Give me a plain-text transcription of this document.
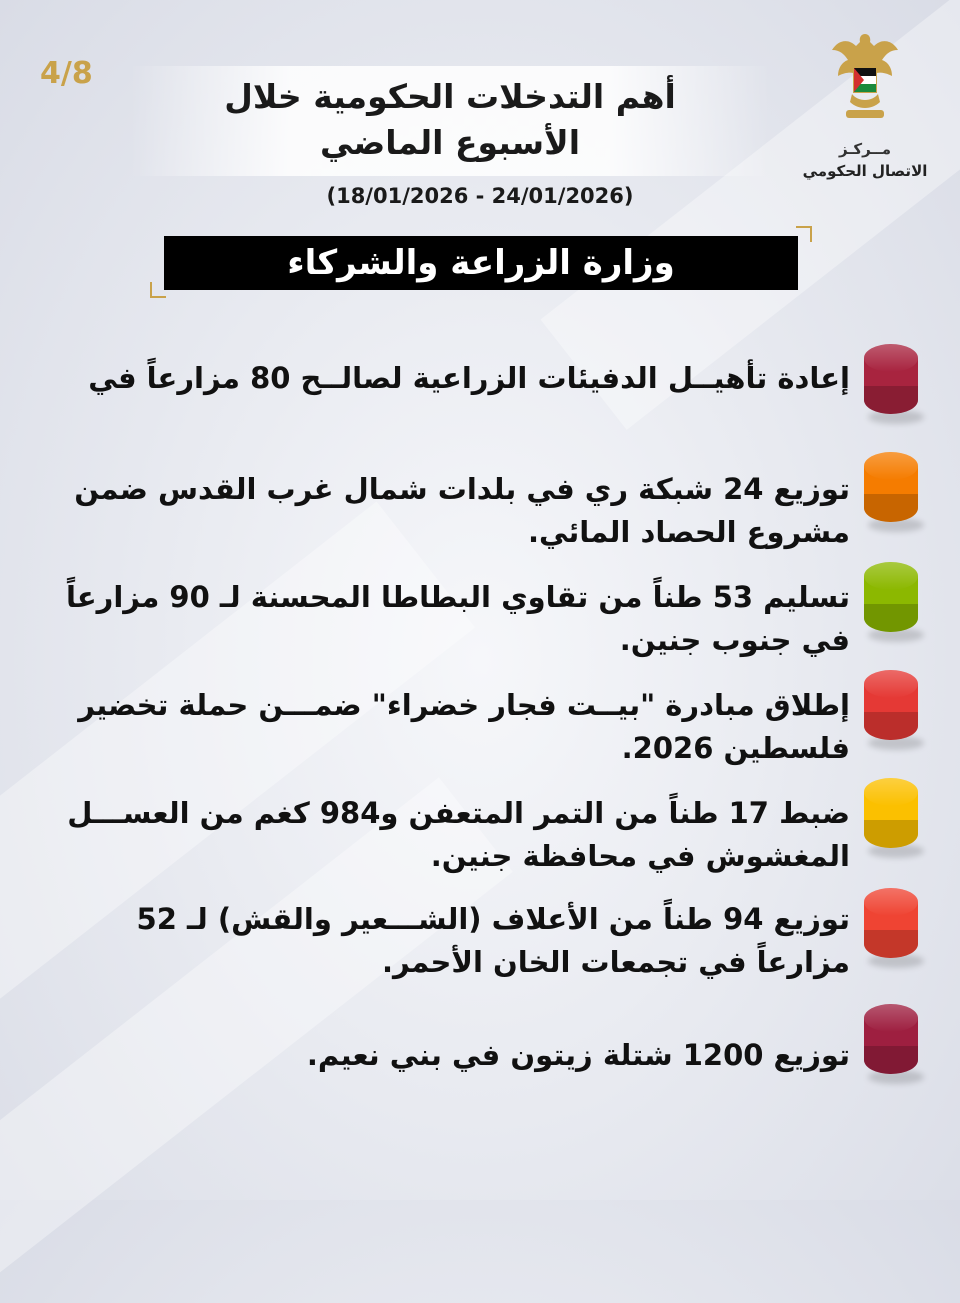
4/8
مــركـز
الاتصال الحكومي
أهم التدخلات الحكومية خلال
الأسبوع الماضي
(18/01/2026 - 24/01/2026)
وزارة الزراعة والشركاء
إعادة تأهيــل الدفيئات الزراعية لصالــح 80 مزارعاً في
توزيع 24 شبكة ري في بلدات شمال غرب القدس ضمن مشروع الحصاد المائي.
تسليم 53 طناً من تقاوي البطاطا المحسنة لـ 90 مزارعاً في جنوب جنين.
إطلاق مبادرة "بيــت فجار خضراء" ضمـــن حملة تخضير فلسطين 2026.
ضبط 17 طناً من التمر المتعفن و984 كغم من العســـل المغشوش في محافظة جنين.
توزيع 94 طناً من الأعلاف (الشـــعير والقش) لـ 52 مزارعاً في تجمعات الخان الأحمر.
توزيع 1200 شتلة زيتون في بني نعيم.
